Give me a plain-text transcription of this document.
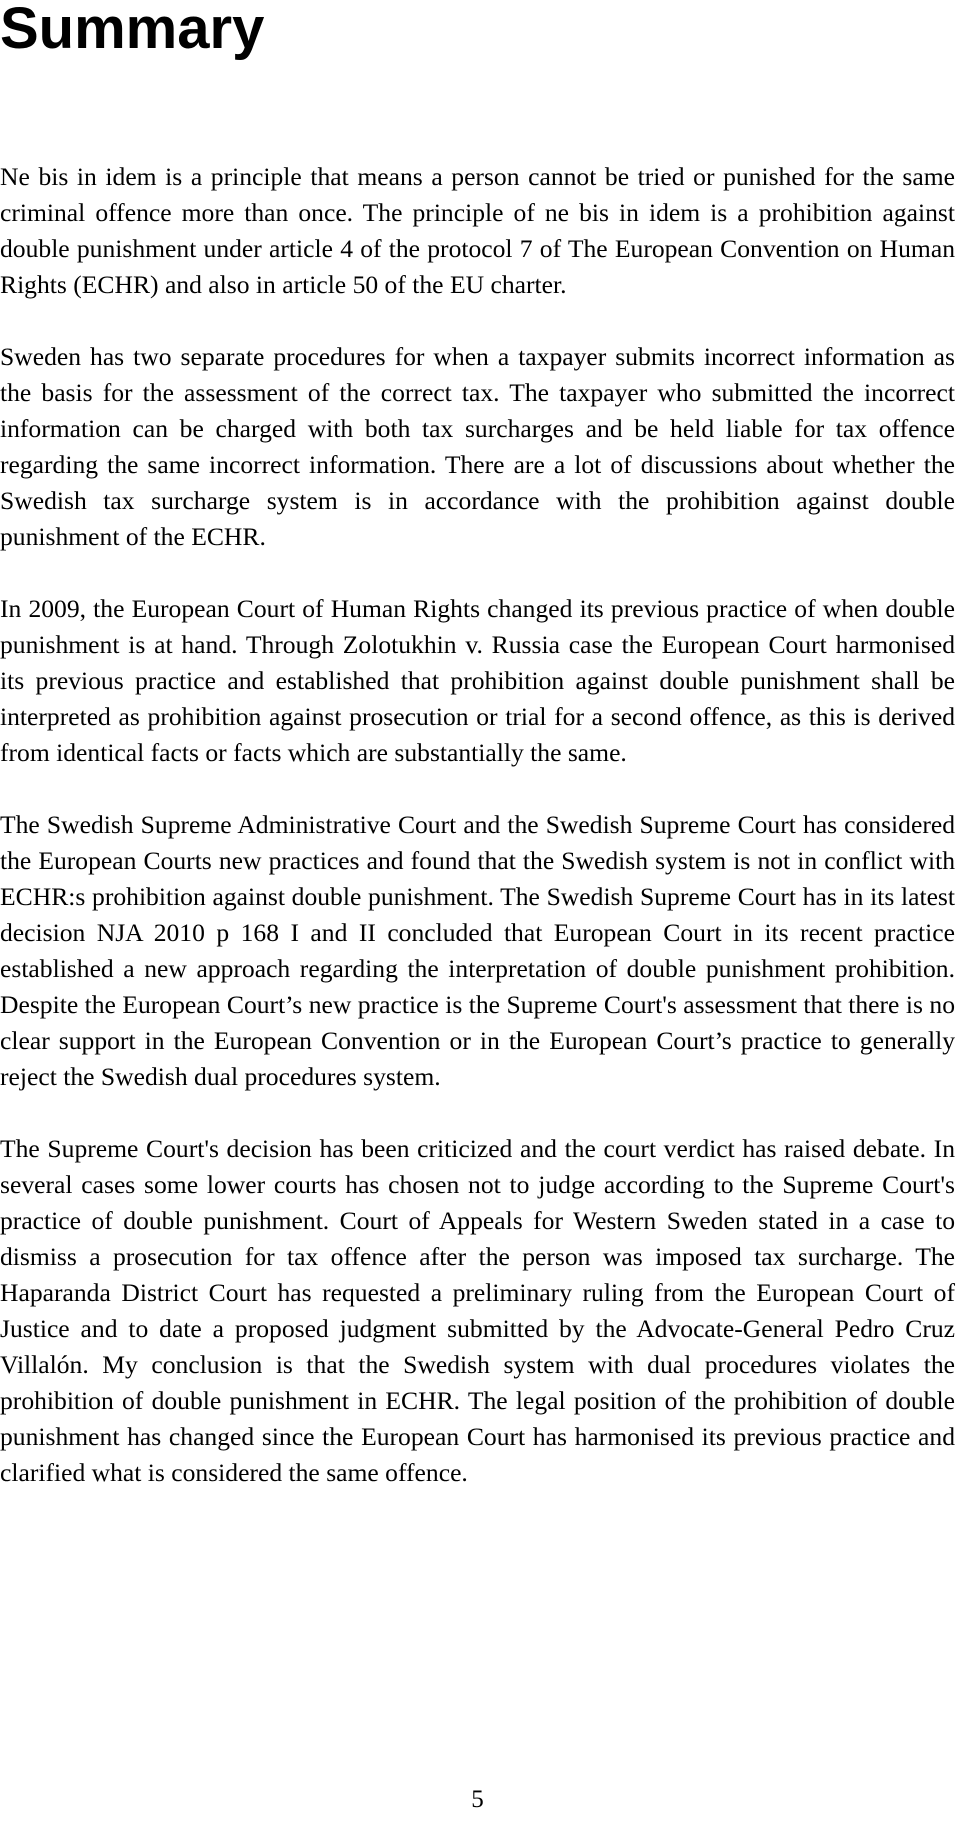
Summary

Ne bis in idem is a principle that means a person cannot be tried or punished for the same criminal offence more than once. The principle of ne bis in idem is a prohibition against double punishment under article 4 of the protocol 7 of The European Convention on Human Rights (ECHR) and also in article 50 of the EU charter.

Sweden has two separate procedures for when a taxpayer submits incorrect information as the basis for the assessment of the correct tax. The taxpayer who submitted the incorrect information can be charged with both tax surcharges and be held liable for tax offence regarding the same incorrect information. There are a lot of discussions about whether the Swedish tax surcharge system is in accordance with the prohibition against double punishment of the ECHR.

In 2009, the European Court of Human Rights changed its previous practice of when double punishment is at hand. Through Zolotukhin v. Russia case the European Court harmonised its previous practice and established that prohibition against double punishment shall be interpreted as prohibition against prosecution or trial for a second offence, as this is derived from identical facts or facts which are substantially the same.

The Swedish Supreme Administrative Court and the Swedish Supreme Court has considered the European Courts new practices and found that the Swedish system is not in conflict with ECHR:s prohibition against double punishment. The Swedish Supreme Court has in its latest decision NJA 2010 p 168 I and II concluded that European Court in its recent practice established a new approach regarding the interpretation of double punishment prohibition. Despite the European Court’s new practice is the Supreme Court's assessment that there is no clear support in the European Convention or in the European Court’s practice to generally reject the Swedish dual procedures system.

The Supreme Court's decision has been criticized and the court verdict has raised debate. In several cases some lower courts has chosen not to judge according to the Supreme Court's practice of double punishment. Court of Appeals for Western Sweden stated in a case to dismiss a prosecution for tax offence after the person was imposed tax surcharge. The Haparanda District Court has requested a preliminary ruling from the European Court of Justice and to date a proposed judgment submitted by the Advocate-General Pedro Cruz Villalón. My conclusion is that the Swedish system with dual procedures violates the prohibition of double punishment in ECHR. The legal position of the prohibition of double punishment has changed since the European Court has harmonised its previous practice and clarified what is considered the same offence.

5
